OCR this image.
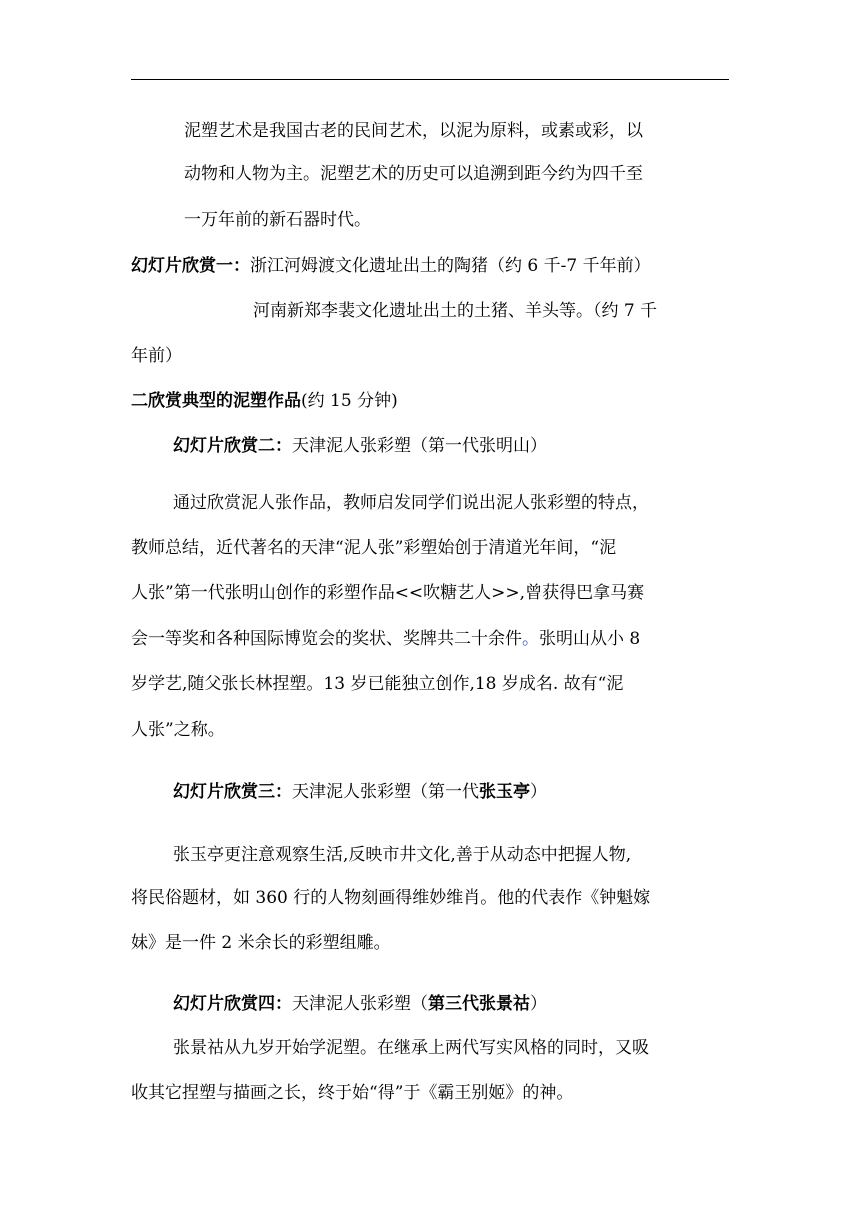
泥塑艺术是我国古老的民间艺术，以泥为原料，或素或彩，以
动物和人物为主。泥塑艺术的历史可以追溯到距今约为四千至
一万年前的新石器时代。
幻灯片欣赏一：浙江河姆渡文化遗址出土的陶猪（约 6 千-7 千年前）
河南新郑李裴文化遗址出土的土猪、羊头等。（约 7 千
年前）
二欣赏典型的泥塑作品(约 15 分钟)
幻灯片欣赏二：天津泥人张彩塑（第一代张明山）
通过欣赏泥人张作品，教师启发同学们说出泥人张彩塑的特点，
教师总结，近代著名的天津“泥人张”彩塑始创于清道光年间，“泥
人张”第一代张明山创作的彩塑作品<<吹糖艺人>>,曾获得巴拿马赛
会一等奖和各种国际博览会的奖状、奖牌共二十余件。张明山从小 8
岁学艺,随父张长林捏塑。13 岁已能独立创作,18 岁成名. 故有“泥
人张”之称。
幻灯片欣赏三：天津泥人张彩塑（第一代张玉亭）
张玉亭更注意观察生活,反映市井文化,善于从动态中把握人物,
将民俗题材，如 360 行的人物刻画得维妙维肖。他的代表作《钟魁嫁
妹》是一件 2 米余长的彩塑组雕。
幻灯片欣赏四：天津泥人张彩塑（第三代张景祜）
张景祜从九岁开始学泥塑。在继承上两代写实风格的同时，又吸
收其它捏塑与描画之长，终于始“得”于《霸王别姬》的神。
